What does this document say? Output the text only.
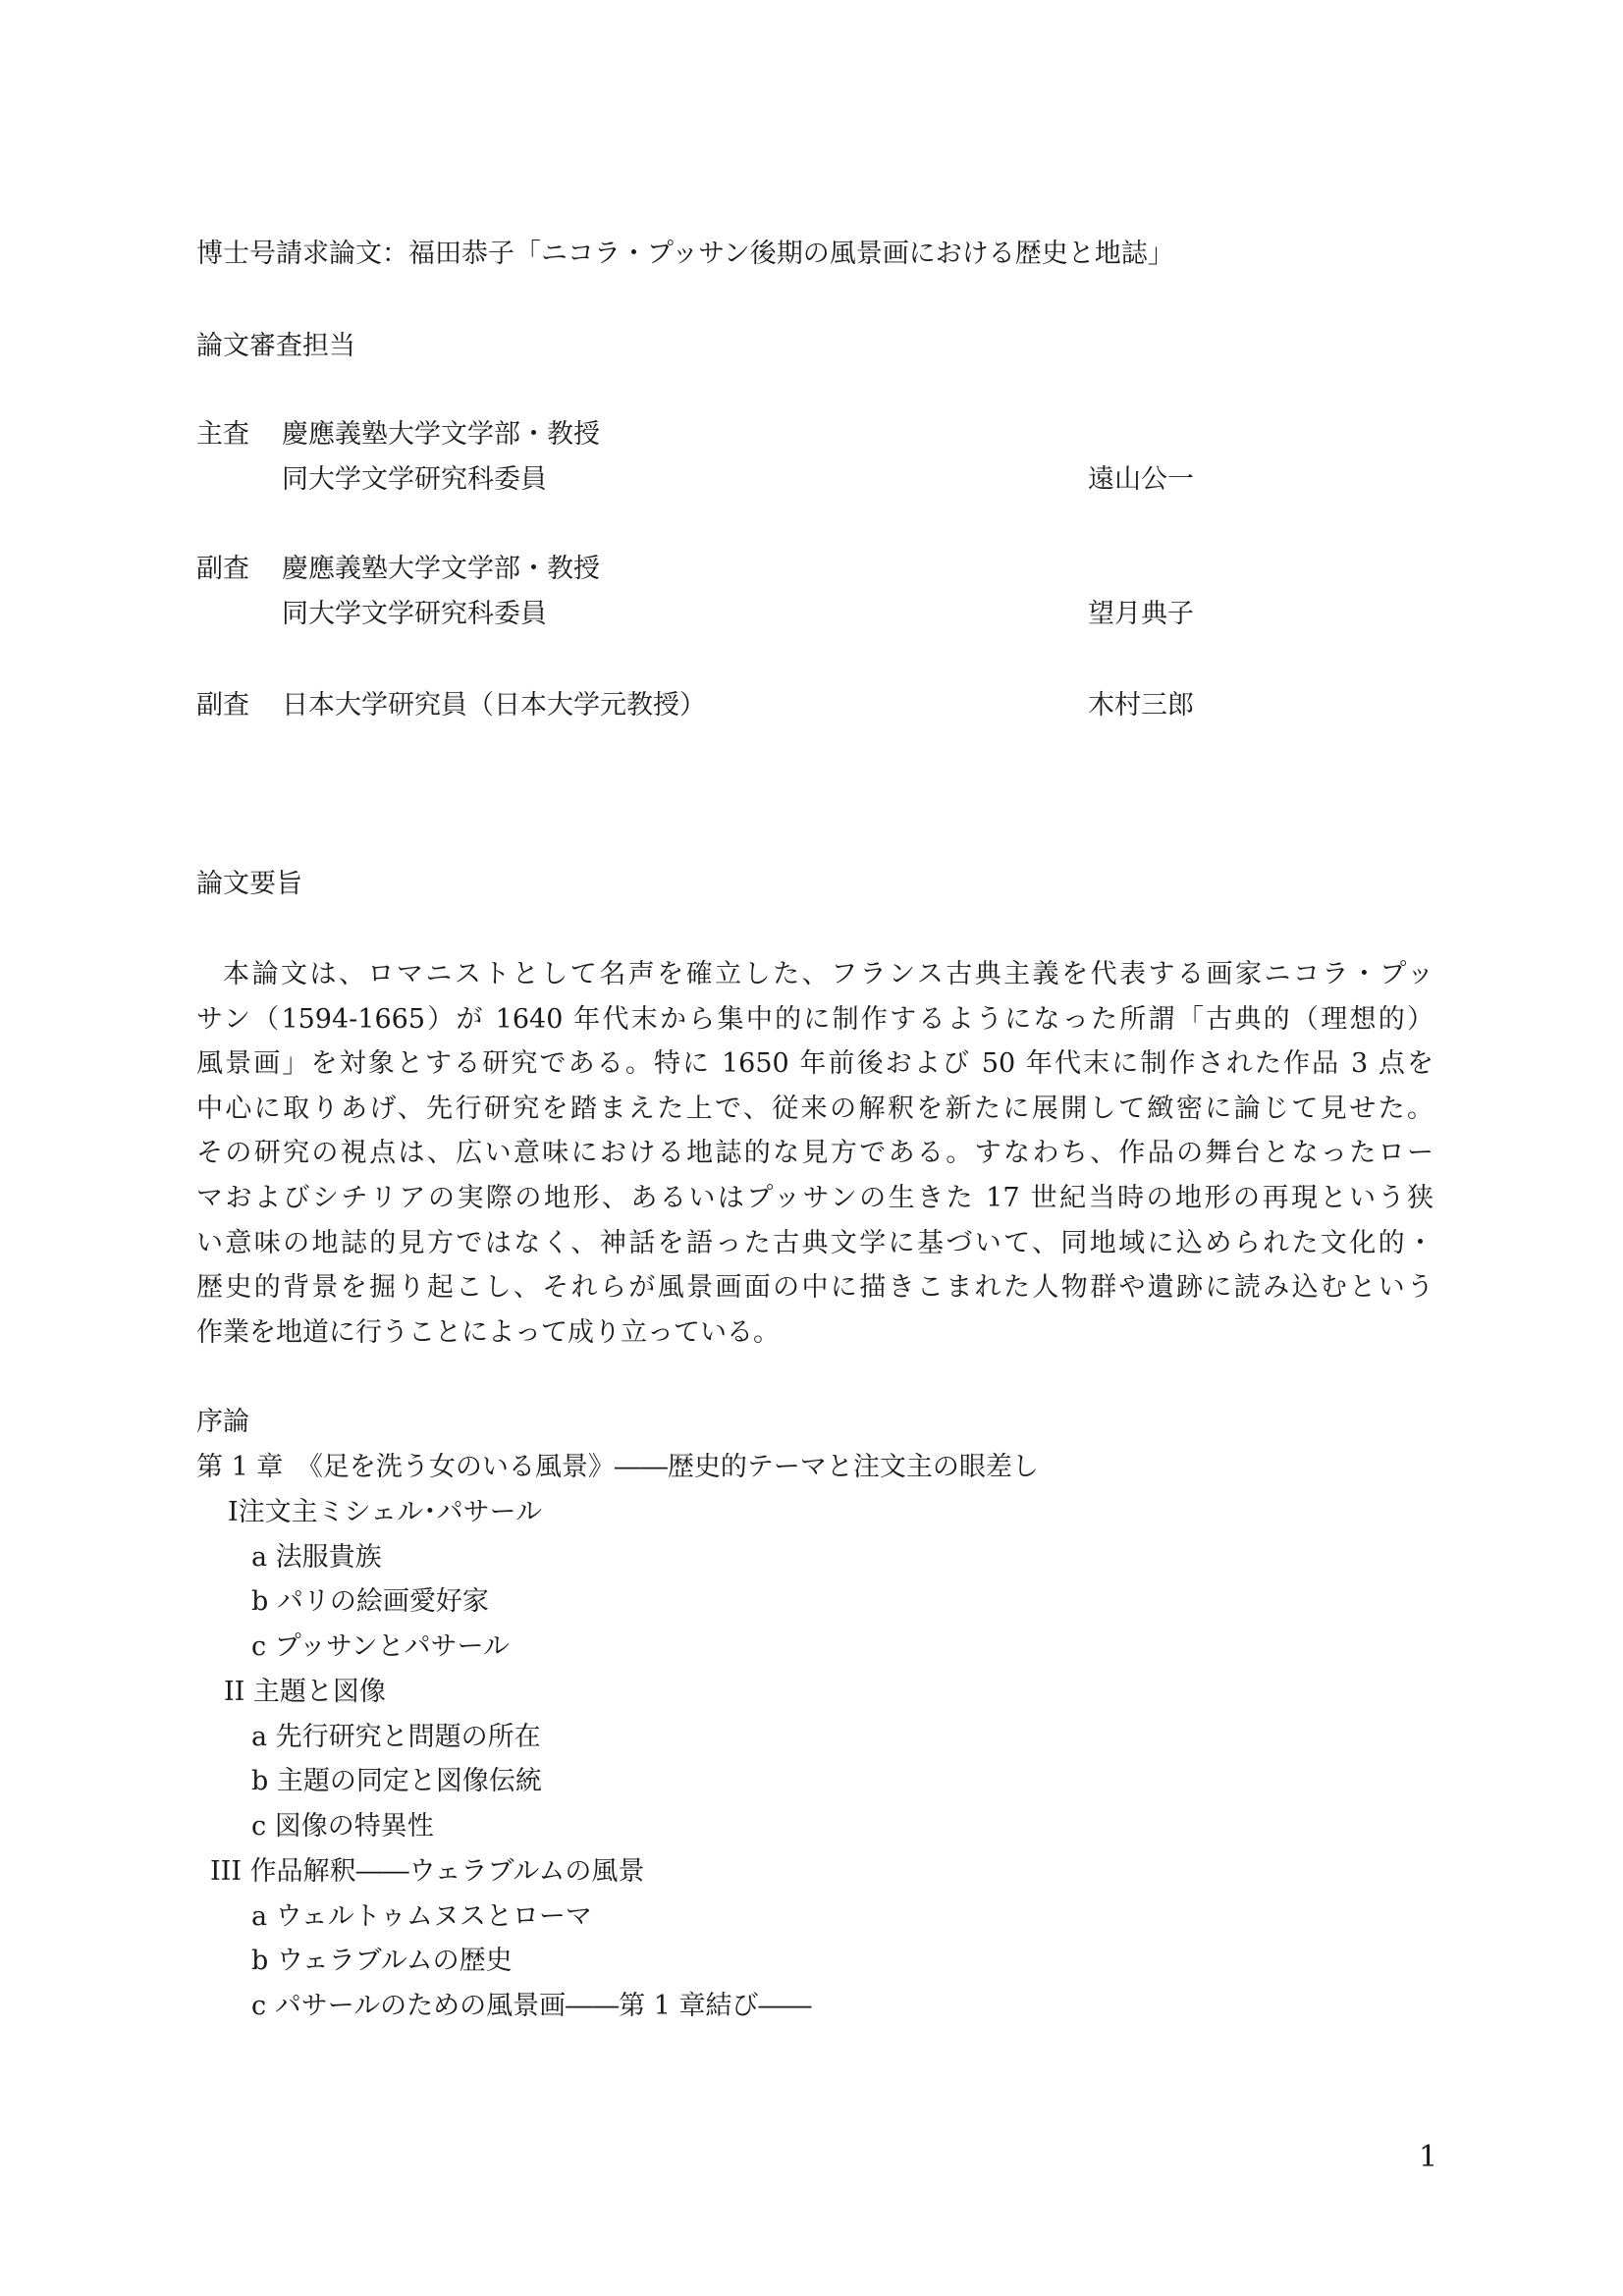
博士号請求論文：福田恭子「ニコラ・プッサン後期の風景画における歴史と地誌」
論文審査担当
主査 慶應義塾大学文学部・教授
同大学文学研究科委員	遠山公一
副査 慶應義塾大学文学部・教授
同大学文学研究科委員	望月典子
副査 日本大学研究員（日本大学元教授）	木村三郎
論文要旨
本論文は、ロマニストとして名声を確立した、フランス古典主義を代表する画家ニコラ・プッ
サン（1594-1665）が 1640 年代末から集中的に制作するようになった所謂「古典的（理想的）
風景画」を対象とする研究である。特に 1650 年前後および 50 年代末に制作された作品 3 点を
中心に取りあげ、先行研究を踏まえた上で、従来の解釈を新たに展開して緻密に論じて見せた。
その研究の視点は、広い意味における地誌的な見方である。すなわち、作品の舞台となったロー
マおよびシチリアの実際の地形、あるいはプッサンの生きた 17 世紀当時の地形の再現という狭
い意味の地誌的見方ではなく、神話を語った古典文学に基づいて、同地域に込められた文化的・
歴史的背景を掘り起こし、それらが風景画面の中に描きこまれた人物群や遺跡に読み込むという
作業を地道に行うことによって成り立っている。
序論
第 1 章　《足を洗う女のいる風景》――歴史的テーマと注文主の眼差し
Ⅰ注文主ミシェル･パサール
a 法服貴族
b パリの絵画愛好家
c プッサンとパサール
II 主題と図像
a 先行研究と問題の所在
b 主題の同定と図像伝統
c 図像の特異性
III 作品解釈――ウェラブルムの風景
a ウェルトゥムヌスとローマ
b ウェラブルムの歴史
c パサールのための風景画――第 1 章結び――
1
